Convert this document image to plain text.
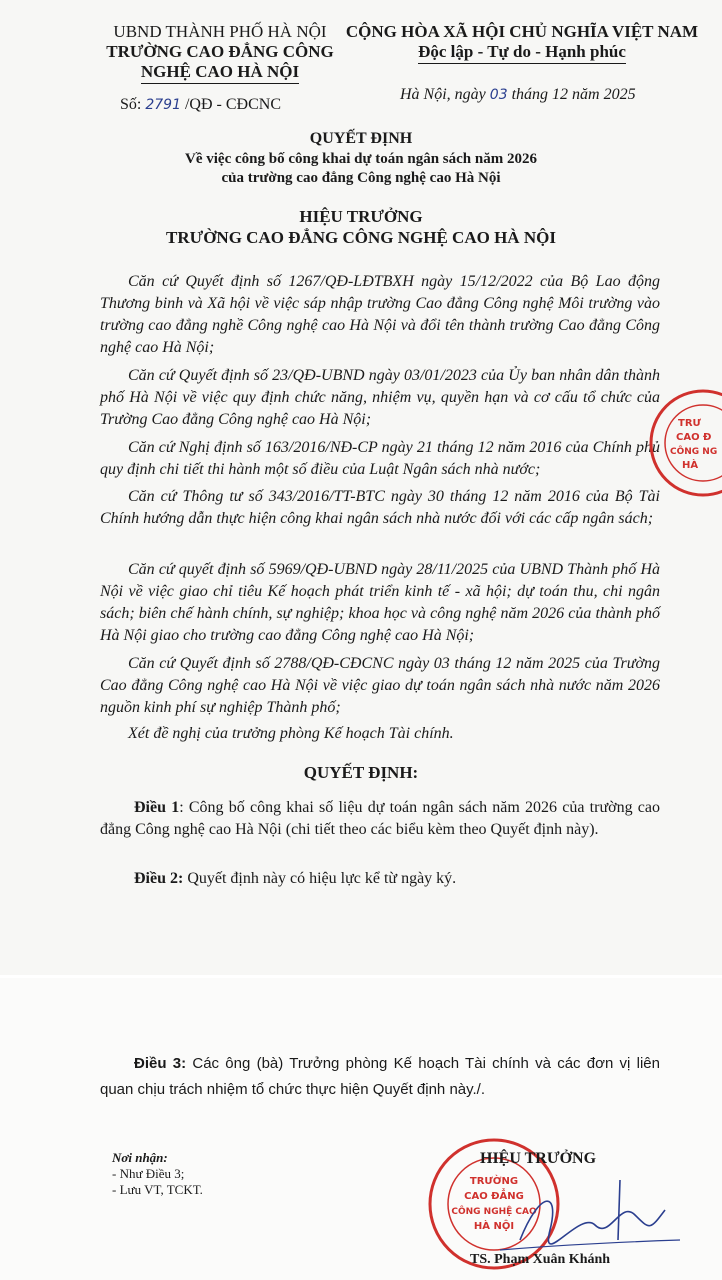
UBND THÀNH PHỐ HÀ NỘI
TRƯỜNG CAO ĐẲNG CÔNG
NGHỆ CAO HÀ NỘI
CỘNG HÒA XÃ HỘI CHỦ NGHĨA VIỆT NAM
Độc lập - Tự do - Hạnh phúc
Số: 2791 /QĐ - CĐCNC
Hà Nội, ngày 03 tháng 12 năm 2025
QUYẾT ĐỊNH
Về việc công bố công khai dự toán ngân sách năm 2026
của trường cao đẳng Công nghệ cao Hà Nội
HIỆU TRƯỞNG
TRƯỜNG CAO ĐẲNG CÔNG NGHỆ CAO HÀ NỘI
Căn cứ Quyết định số 1267/QĐ-LĐTBXH ngày 15/12/2022 của Bộ Lao động Thương binh và Xã hội về việc sáp nhập trường Cao đẳng Công nghệ Môi trường vào trường cao đẳng nghề Công nghệ cao Hà Nội và đổi tên thành trường Cao đẳng Công nghệ cao Hà Nội;
Căn cứ Quyết định số 23/QĐ-UBND ngày 03/01/2023 của Ủy ban nhân dân thành phố Hà Nội về việc quy định chức năng, nhiệm vụ, quyền hạn và cơ cấu tổ chức của Trường Cao đẳng Công nghệ cao Hà Nội;
Căn cứ Nghị định số 163/2016/NĐ-CP ngày 21 tháng 12 năm 2016 của Chính phủ quy định chi tiết thi hành một số điều của Luật Ngân sách nhà nước;
Căn cứ Thông tư số 343/2016/TT-BTC ngày 30 tháng 12 năm 2016 của Bộ Tài Chính hướng dẫn thực hiện công khai ngân sách nhà nước đối với các cấp ngân sách;
Căn cứ quyết định số 5969/QĐ-UBND ngày 28/11/2025 của UBND Thành phố Hà Nội về việc giao chỉ tiêu Kế hoạch phát triển kinh tế - xã hội; dự toán thu, chi ngân sách; biên chế hành chính, sự nghiệp; khoa học và công nghệ năm 2026 của thành phố Hà Nội giao cho trường cao đẳng Công nghệ cao Hà Nội;
Căn cứ Quyết định số 2788/QĐ-CĐCNC ngày 03 tháng 12 năm 2025 của Trường Cao đẳng Công nghệ cao Hà Nội về việc giao dự toán ngân sách nhà nước năm 2026 nguồn kinh phí sự nghiệp Thành phố;
Xét đề nghị của trưởng phòng Kế hoạch Tài chính.
QUYẾT ĐỊNH:
Điều 1: Công bố công khai số liệu dự toán ngân sách năm 2026 của trường cao đẳng Công nghệ cao Hà Nội (chi tiết theo các biểu kèm theo Quyết định này).
Điều 2: Quyết định này có hiệu lực kể từ ngày ký.
Điều 3: Các ông (bà) Trưởng phòng Kế hoạch Tài chính và các đơn vị liên quan chịu trách nhiệm tổ chức thực hiện Quyết định này./.
TRƯ
CAO Đ
CÔNG NG
HÀ
Nơi nhận:
- Như Điều 3;
- Lưu VT, TCKT.
TRƯỜNG
CAO ĐẲNG
CÔNG NGHỆ CAO
HÀ NỘI
HIỆU TRƯỞNG
TS. Phạm Xuân Khánh
